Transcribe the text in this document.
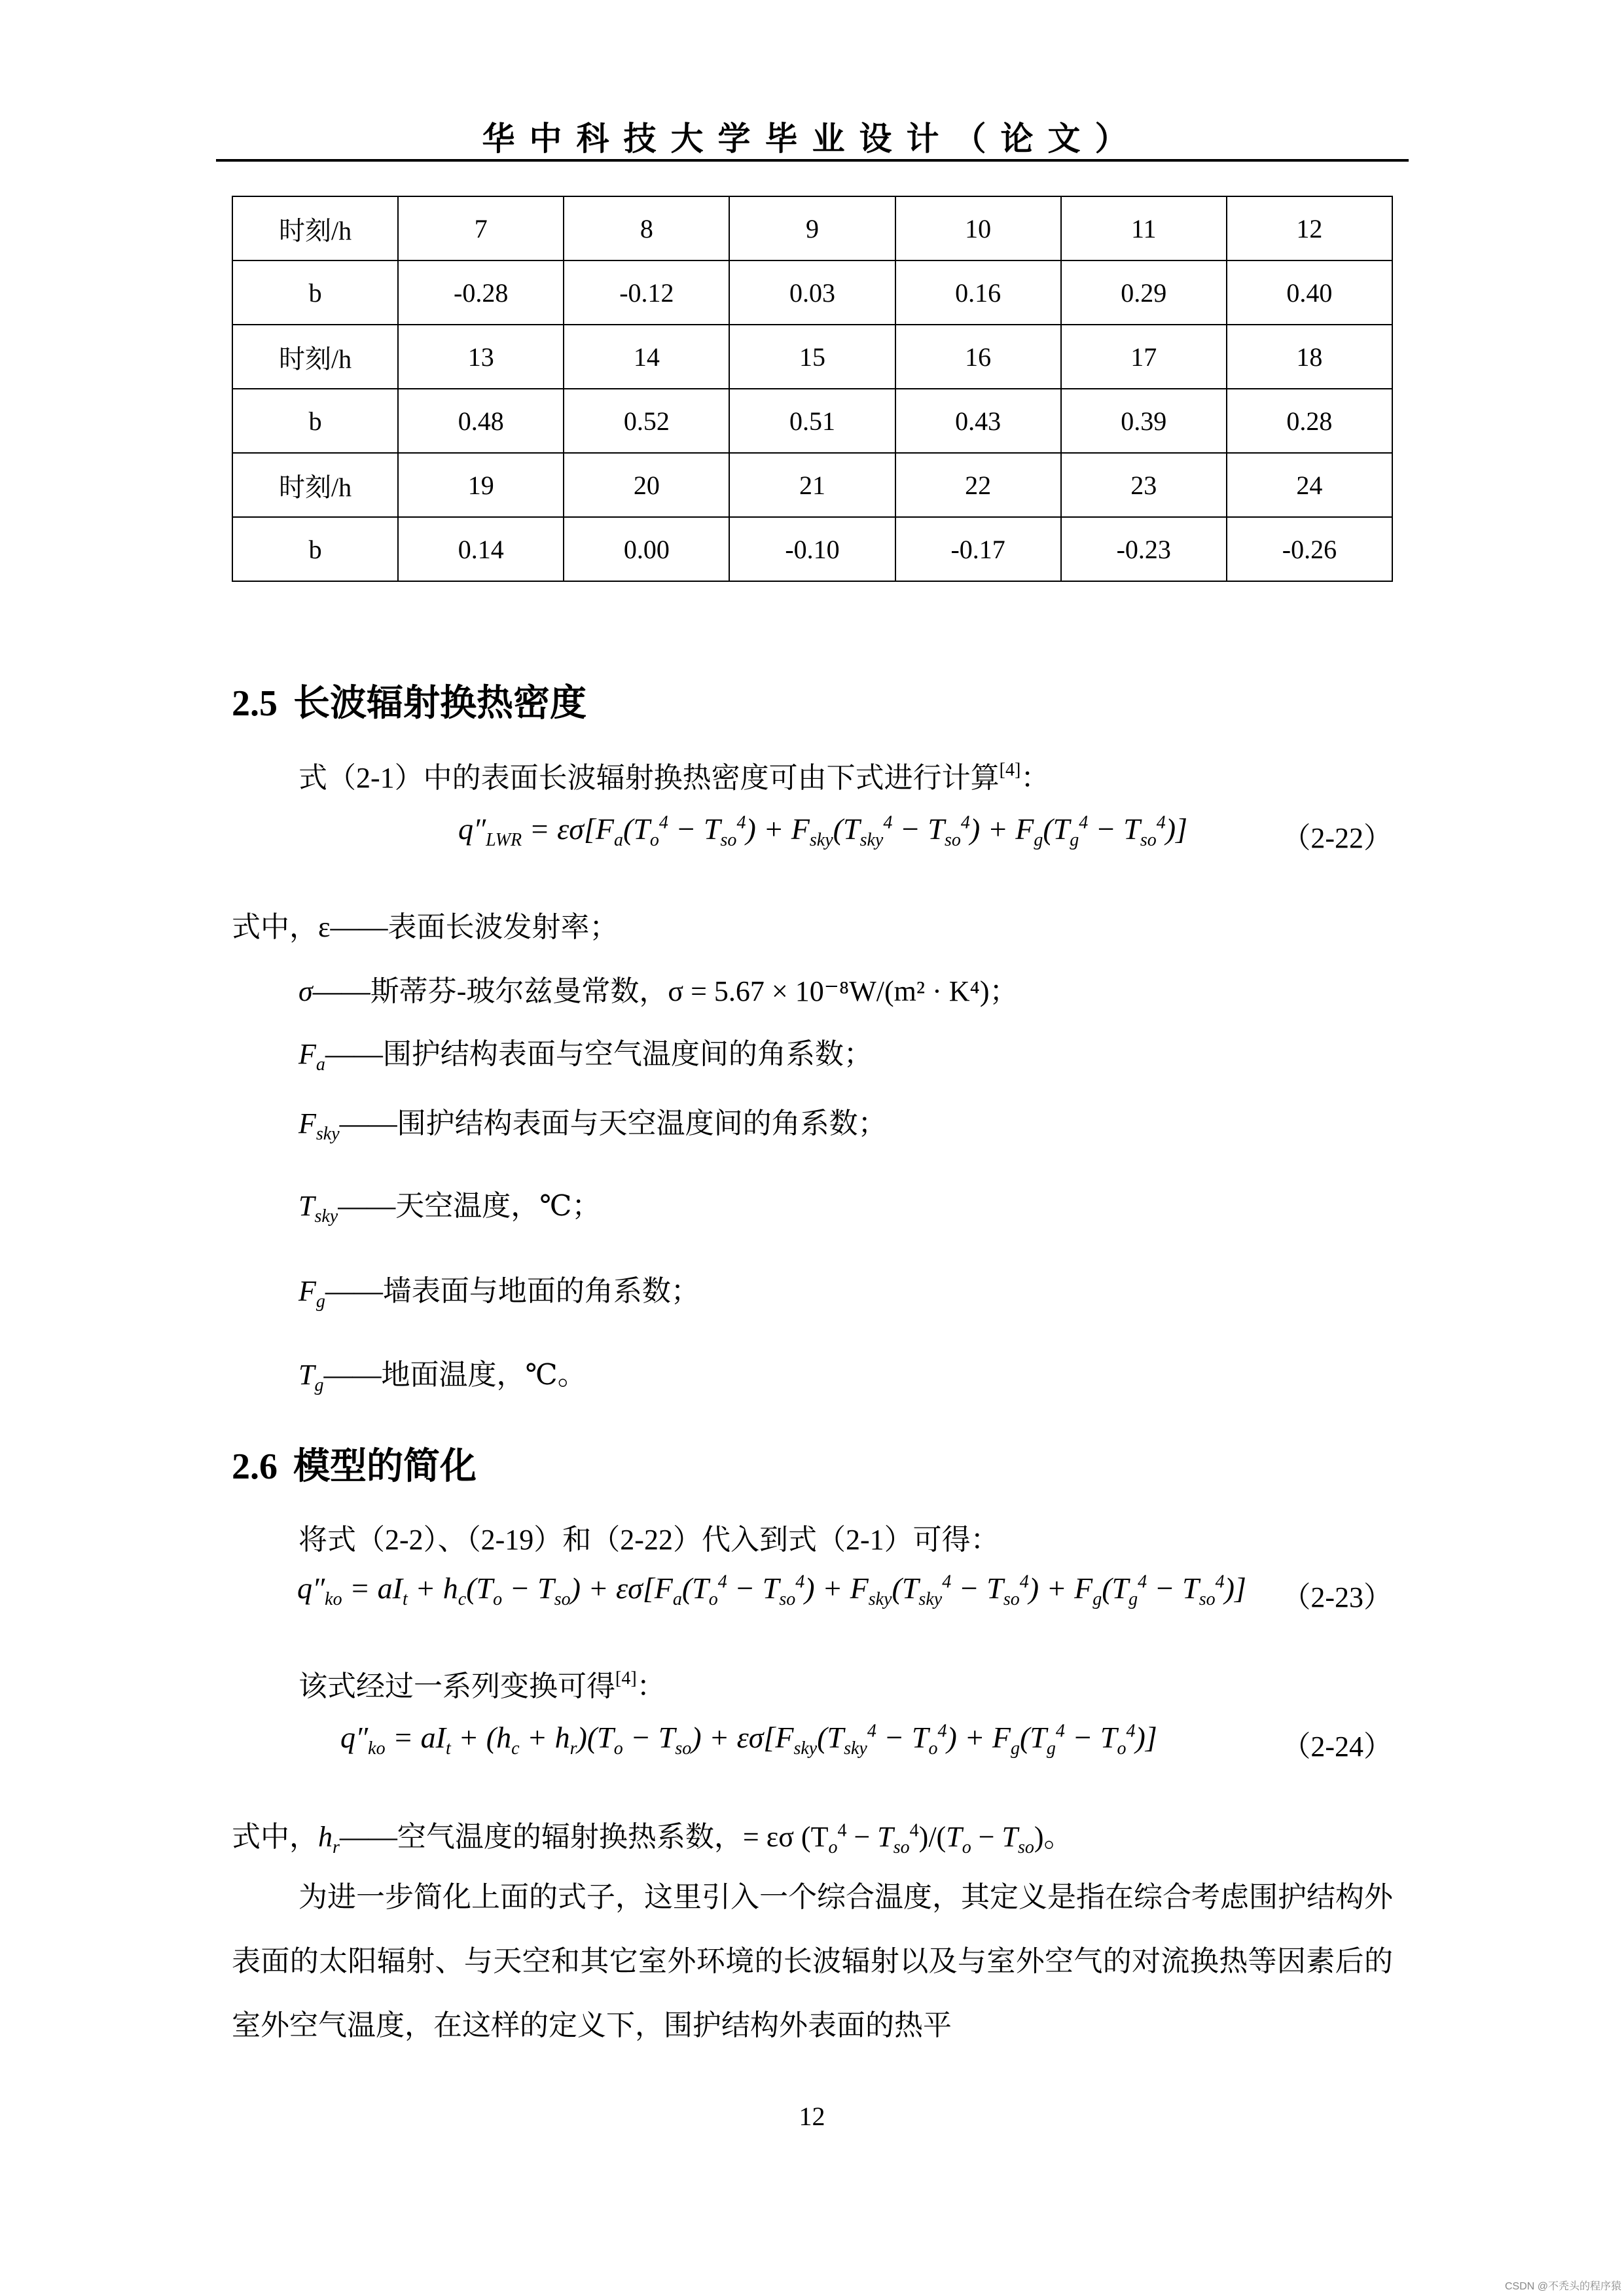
华中科技大学毕业设计（论文）
时刻/h	7	8	9	10	11	12
b	-0.28	-0.12	0.03	0.16	0.29	0.40
时刻/h	13	14	15	16	17	18
b	0.48	0.52	0.51	0.43	0.39	0.28
时刻/h	19	20	21	22	23	24
b	0.14	0.00	-0.10	-0.17	-0.23	-0.26
2.5 长波辐射换热密度
式（2-1）中的表面长波辐射换热密度可由下式进行计算[4]：
$q''_{LWR} = \varepsilon\sigma[F_a(T_o^4 - T_{so}^4) + F_{sky}(T_{sky}^4 - T_{so}^4) + F_g(T_g^4 - T_{so}^4)]$	（2-22）
式中，ε——表面长波发射率；
σ——斯蒂芬-玻尔兹曼常数，σ = 5.67 × 10⁻⁸W/(m² · K⁴)；
$F_a——$围护结构表面与空气温度间的角系数；
$F_{sky}——$围护结构表面与天空温度间的角系数；
$T_{sky}——$天空温度，℃；
$F_g——$墙表面与地面的角系数；
$T_g——$地面温度，℃。
2.6 模型的简化
将式（2-2）、（2-19）和（2-22）代入到式（2-1）可得：
$q''_{ko} = aI_t + h_c(T_o - T_{so}) + \varepsilon\sigma[F_a(T_o^4 - T_{so}^4) + F_{sky}(T_{sky}^4 - T_{so}^4) + F_g(T_g^4 - T_{so}^4)]$ （2-23）
该式经过一系列变换可得[4]：
$q''_{ko} = aI_t + (h_c + h_r)(T_o - T_{so}) + \varepsilon\sigma[F_{sky}(T_{sky}^4 - T_o^4) + F_g(T_g^4 - T_o^4)]$	（2-24）
式中，$h_r——$空气温度的辐射换热系数，= εσ $(T_o^4 - T_{so}^4)/(T_o - T_{so})$。
为进一步简化上面的式子，这里引入一个综合温度，其定义是指在综合考虑围护结构外表面的太阳辐射、与天空和其它室外环境的长波辐射以及与室外空气的对流换热等因素后的室外空气温度，在这样的定义下，围护结构外表面的热平
12
CSDN @不秃头的程序猿
